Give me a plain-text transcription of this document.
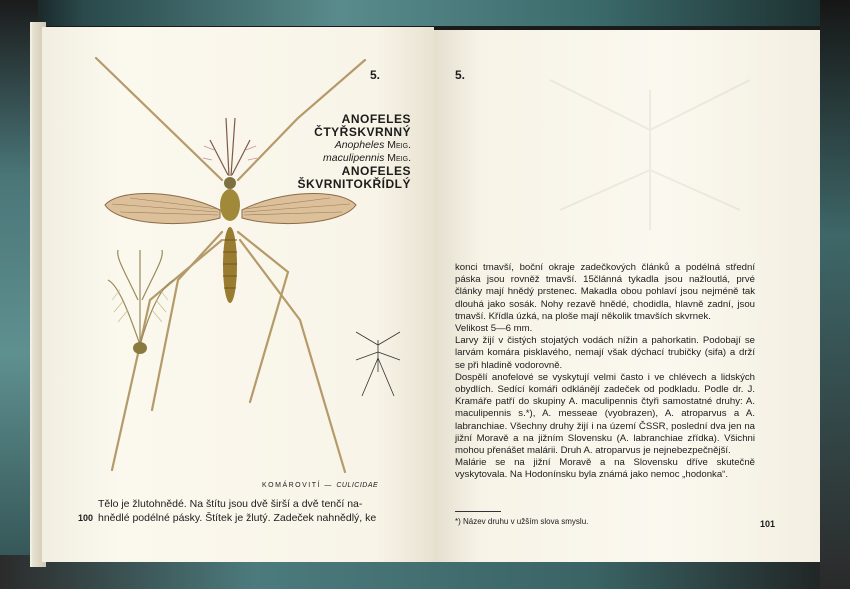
5.
ANOFELES
ČTYŘSKVRNNÝ
Anopheles Meig.
maculipennis Meig.
ANOFELES
ŠKVRNITOKŘÍDLÝ
KOMÁROVITÍ — CULICIDAE
Tělo je žlutohnědé. Na štítu jsou dvě širší a dvě tenčí na-
hnědlé podélné pásky. Štítek je žlutý. Zadeček nahnědlý, ke
100
5.

konci tmavší, boční okraje zadečkových článků a podélná střední páska jsou rovněž tmavší. 15článná tykadla jsou nažloutlá, prvé články mají hnědý prstenec. Makadla obou pohlaví jsou nejméně tak dlouhá jako sosák. Nohy rezavě hnědé, chodidla, hlavně zadní, jsou tmavší. Křídla úzká, na ploše mají několik tmavších skvrnek.

Velikost 5—6 mm.

Larvy žijí v čistých stojatých vodách nížin a pahorkatin. Podobají se larvám komára pisklavého, nemají však dýchací trubičky (sifa) a drží se při hladině vodorovně.

Dospělí anofelové se vyskytují velmi často i ve chlévech a lidských obydlích. Sedící komáři odklánějí zadeček od podkladu. Podle dr. J. Kramáře patří do skupiny A. maculipennis čtyři samostatné druhy: A. maculipennis s.*), A. messeae (vyobrazen), A. atroparvus a A. labranchiae. Všechny druhy žijí i na území ČSSR, poslední dva jen na jižní Moravě a na jižním Slovensku (A. labranchiae zřídka). Všichni mohou přenášet malárii. Druh A. atroparvus je nejnebezpečnější.

Malárie se na jižní Moravě a na Slovensku dříve skutečně vyskytovala. Na Hodonínsku byla známá jako nemoc „hodonka“.

*) Název druhu v užším slova smyslu.	101
